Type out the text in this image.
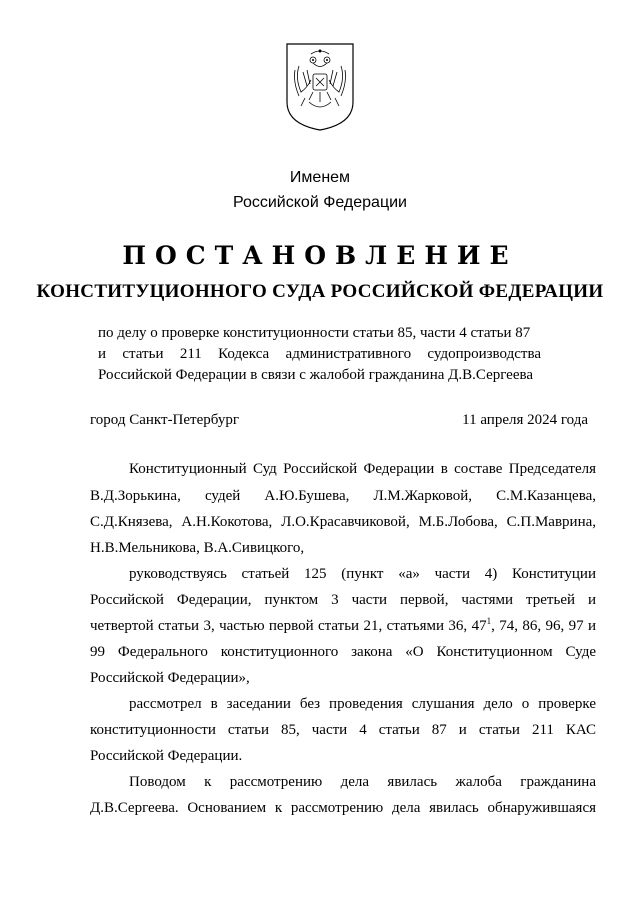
Именем
Российской Федерации
ПОСТАНОВЛЕНИЕ
КОНСТИТУЦИОННОГО СУДА РОССИЙСКОЙ ФЕДЕРАЦИИ
по делу о проверке конституционности статьи 85, части 4 статьи 87
и статьи 211 Кодекса административного судопроизводства
Российской Федерации в связи с жалобой гражданина Д.В.Сергеева
город Санкт-Петербург	11 апреля 2024 года
Конституционный Суд Российской Федерации в составе Председателя
В.Д.Зорькина, судей А.Ю.Бушева, Л.М.Жарковой, С.М.Казанцева,
С.Д.Князева, А.Н.Кокотова, Л.О.Красавчиковой, М.Б.Лобова, С.П.Маврина,
Н.В.Мельникова, В.А.Сивицкого,
руководствуясь статьей 125 (пункт «а» части 4) Конституции
Российской Федерации, пунктом 3 части первой, частями третьей и
четвертой статьи 3, частью первой статьи 21, статьями 36, $47^1$, 74, 86, 96, 97 и
99 Федерального конституционного закона «О Конституционном Суде
Российской Федерации»,
рассмотрел в заседании без проведения слушания дело о проверке
конституционности статьи 85, части 4 статьи 87 и статьи 211 КАС
Российской Федерации.
Поводом к рассмотрению дела явилась жалоба гражданина
Д.В.Сергеева. Основанием к рассмотрению дела явилась обнаружившаяся
